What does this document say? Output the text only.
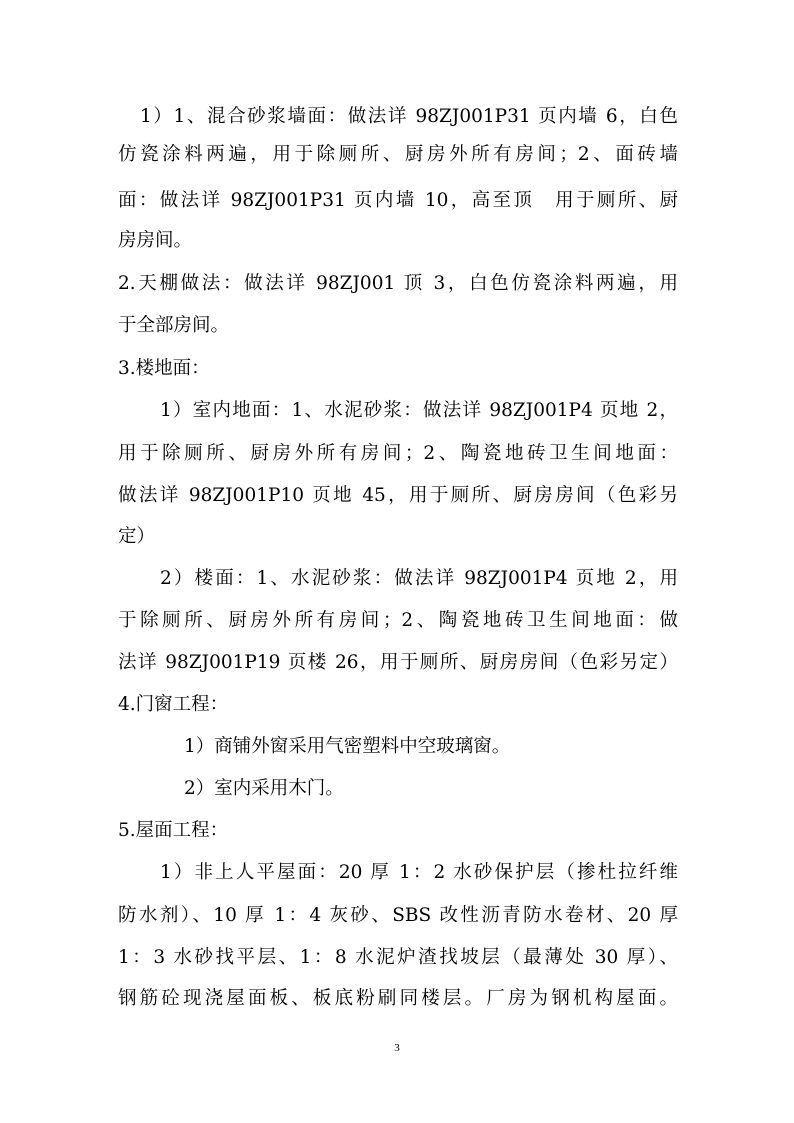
1）1、混合砂浆墙面：做法详 98ZJ001P31 页内墙 6，白色
仿瓷涂料两遍，用于除厕所、厨房外所有房间；2、面砖墙
面：做法详 98ZJ001P31 页内墙 10，高至顶　用于厕所、厨
房房间。
2.天棚做法：做法详 98ZJ001 顶 3，白色仿瓷涂料两遍，用
于全部房间。
3.楼地面：
1）室内地面：1、水泥砂浆：做法详 98ZJ001P4 页地 2，
用于除厕所、厨房外所有房间；2、陶瓷地砖卫生间地面：
做法详 98ZJ001P10 页地 45，用于厕所、厨房房间（色彩另
定）
2）楼面：1、水泥砂浆：做法详 98ZJ001P4 页地 2，用
于除厕所、厨房外所有房间；2、陶瓷地砖卫生间地面：做
法详 98ZJ001P19 页楼 26，用于厕所、厨房房间（色彩另定）
4.门窗工程：
1）商铺外窗采用气密塑料中空玻璃窗。
2）室内采用木门。
5.屋面工程：
1）非上人平屋面：20 厚 1：2 水砂保护层（掺杜拉纤维
防水剂）、10 厚 1：4 灰砂、SBS 改性沥青防水卷材、20 厚
1：3 水砂找平层、1：8 水泥炉渣找坡层（最薄处 30 厚）、
钢筋砼现浇屋面板、板底粉刷同楼层。厂房为钢机构屋面。
3
